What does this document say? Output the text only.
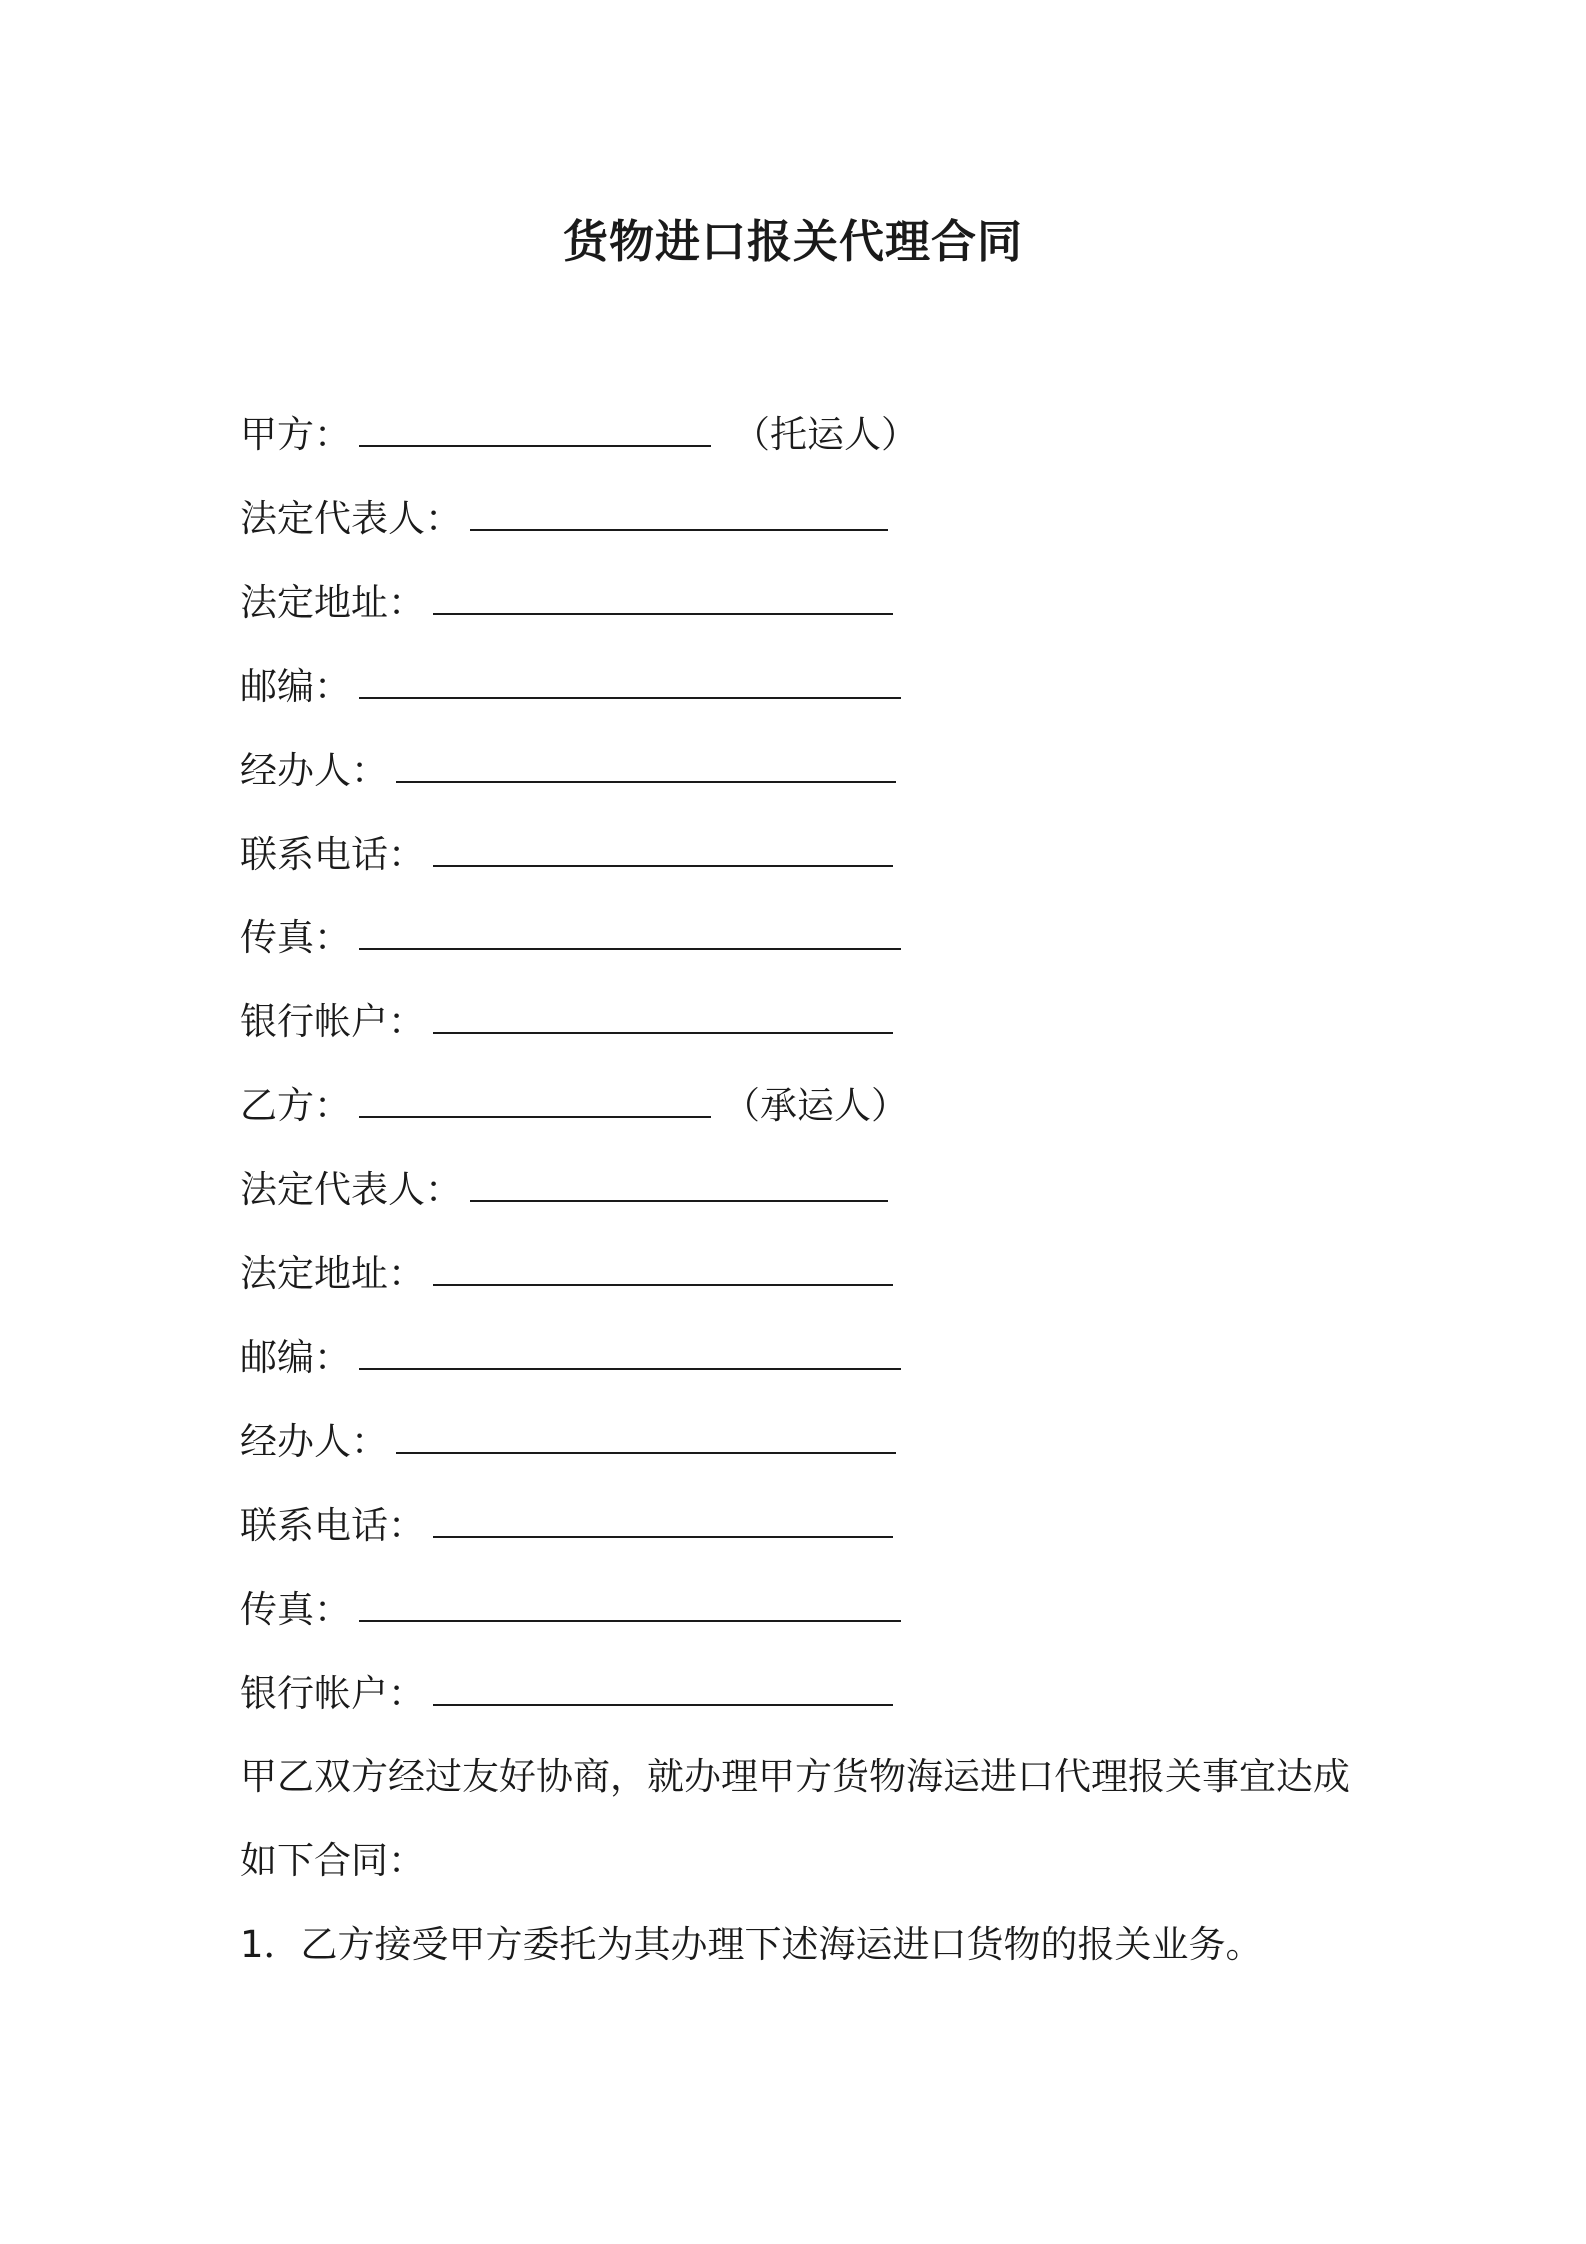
货物进口报关代理合同
甲方：	（托运人）
法定代表人：
法定地址：
邮编：
经办人：
联系电话：
传真：
银行帐户：
乙方：	（承运人）
法定代表人：
法定地址：
邮编：
经办人：
联系电话：
传真：
银行帐户：
甲乙双方经过友好协商，就办理甲方货物海运进口代理报关事宜达成
如下合同：
1．乙方接受甲方委托为其办理下述海运进口货物的报关业务。
